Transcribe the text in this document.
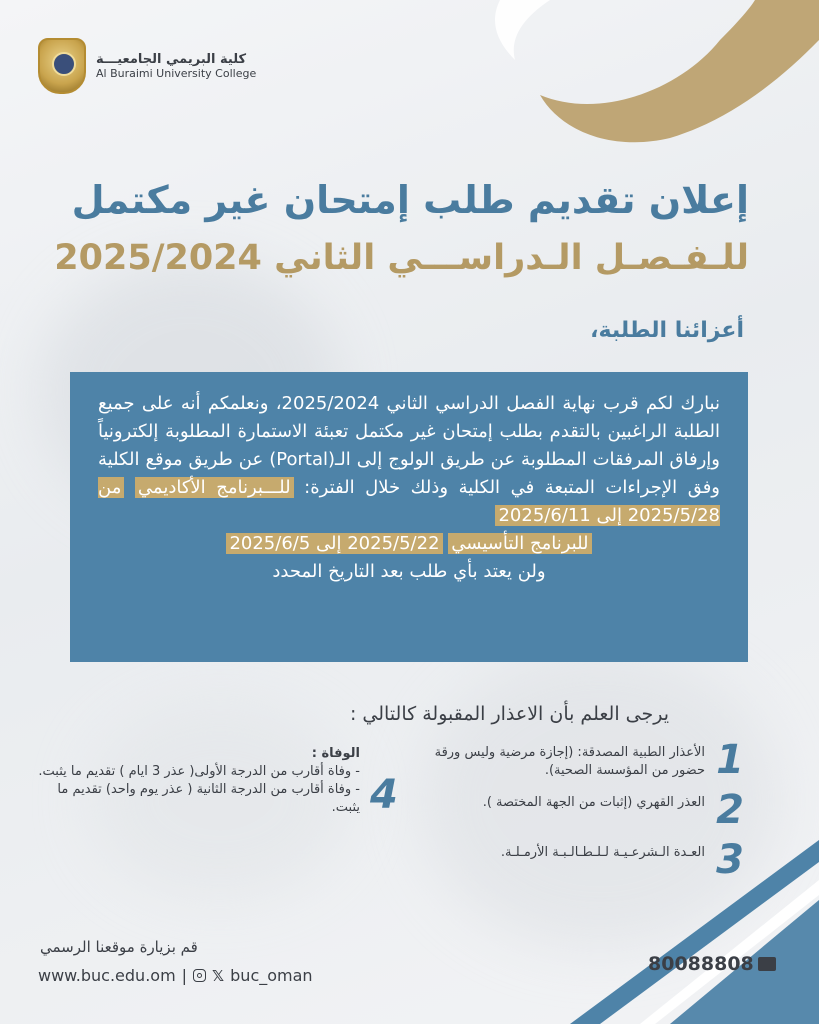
كلية البريمي الجامعيـــة
Al Buraimi University College
إعلان تقديم طلب إمتحان غير مكتمل
للـفـصـل الـدراســـي الثاني 2025/2024
أعزائنا الطلبة،

نبارك لكم قرب نهاية الفصل الدراسي الثاني 2025/2024، ونعلمكم أنه على جميع الطلبة الراغبين بالتقدم بطلب إمتحان غير مكتمل تعبئة الاستمارة المطلوبة إلكترونياً وإرفاق المرفقات المطلوبة عن طريق الولوج إلى الـ(Portal) عن طريق موقع الكلية وفق الإجراءات المتبعة في الكلية وذلك خلال الفترة: للـــبرنامج الأكاديمي من 2025/5/28 إلى 2025/6/11

للبرنامج التأسيسي 2025/5/22 إلى 2025/6/5
ولن يعتد بأي طلب بعد التاريخ المحدد
يرجى العلم بأن الاعذار المقبولة كالتالي :
1
الأعذار الطبية المصدقة: (إجازة مرضية وليس ورقة حضور من المؤسسة الصحية).
2
العذر القهري (إثبات من الجهة المختصة ).
3
العـدة الـشرعـيـة لـلـطـالـبـة الأرمـلـة.
4
الوفاة :
- وفاة أقارب من الدرجة الأولى( عذر 3 ايام ) تقديم ما يثبت.
- وفاة أقارب من الدرجة الثانية ( عذر يوم واحد) تقديم ما يثبت.
قم بزيارة موقعنا الرسمي
www.buc.edu.om | 𝕏 buc_oman
80088808
